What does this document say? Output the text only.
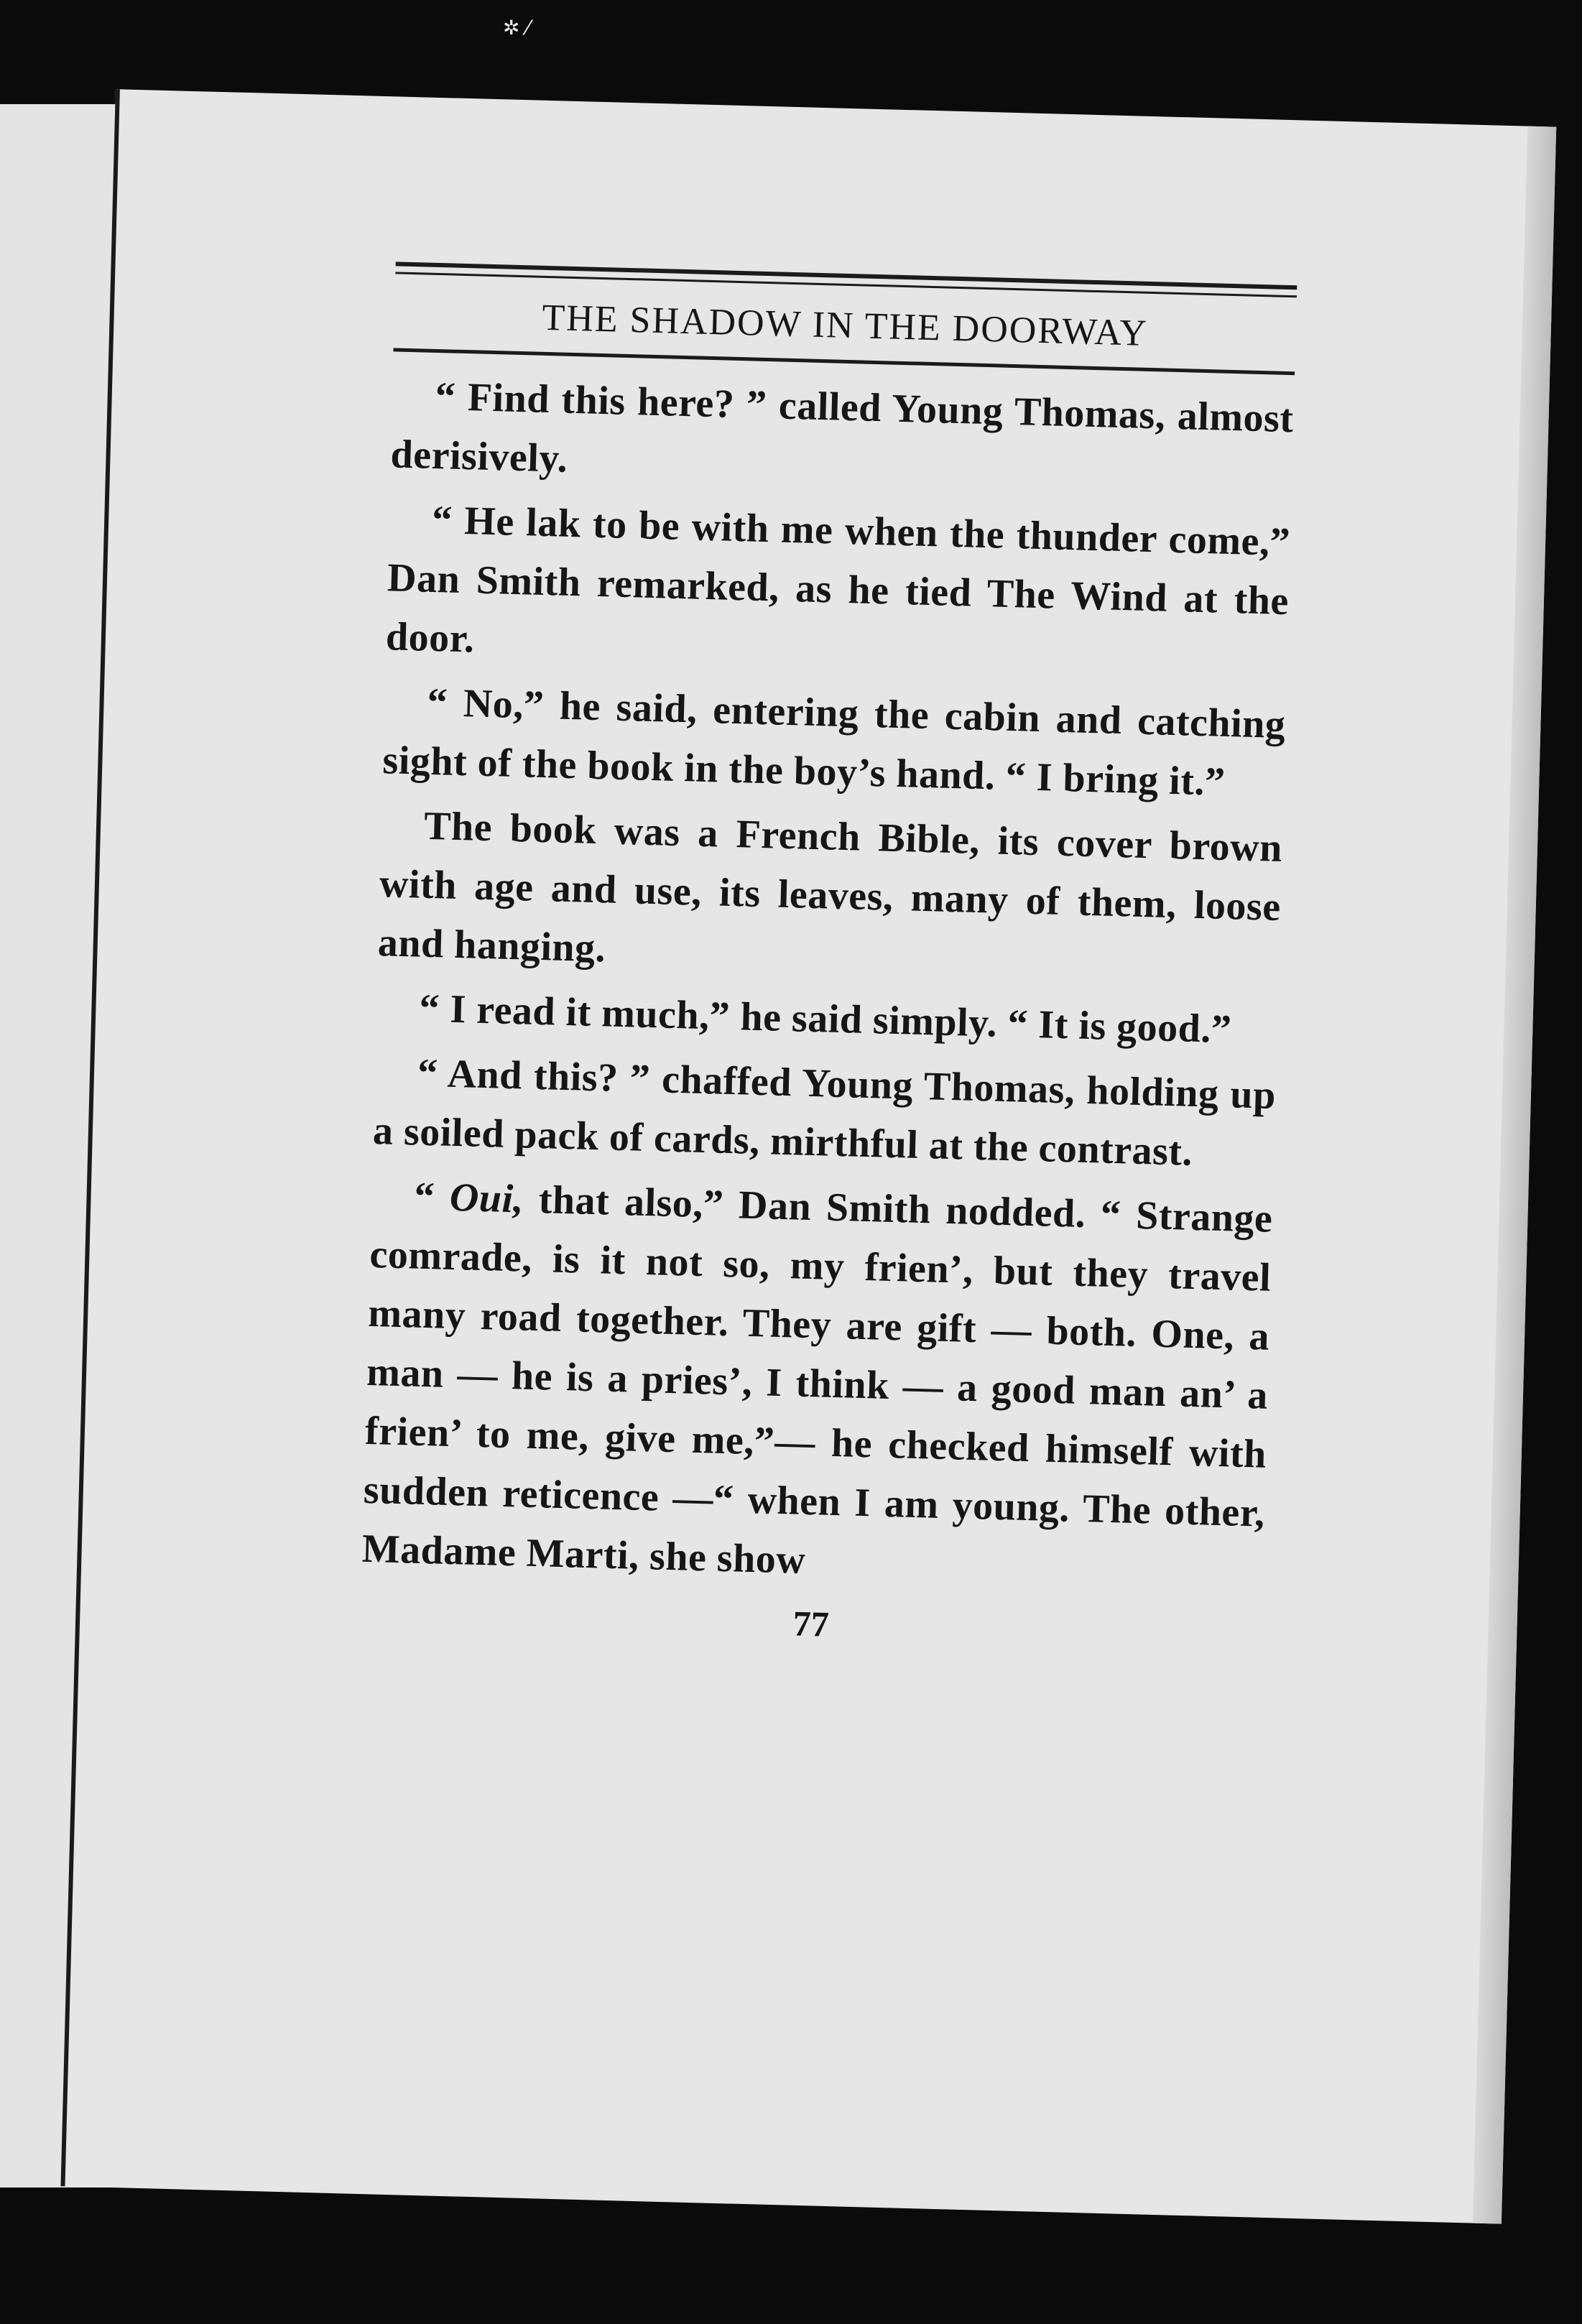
✲ ⁄
THE SHADOW IN THE DOORWAY

“ Find this here? ” called Young Thomas, almost derisively.

“ He lak to be with me when the thunder come,” Dan Smith remarked, as he tied The Wind at the door.

“ No,” he said, entering the cabin and catching sight of the book in the boy’s hand. “ I bring it.”

The book was a French Bible, its cover brown with age and use, its leaves, many of them, loose and hanging.

“ I read it much,” he said simply. “ It is good.”

“ And this? ” chaffed Young Thomas, holding up a soiled pack of cards, mirthful at the contrast.

“ Oui, that also,” Dan Smith nodded. “ Strange comrade, is it not so, my frien’, but they travel many road together. They are gift — both. One, a man — he is a pries’, I think — a good man an’ a frien’ to me, give me,”— he checked himself with sudden reticence —“ when I am young. The other, Madame Marti, she show

77
